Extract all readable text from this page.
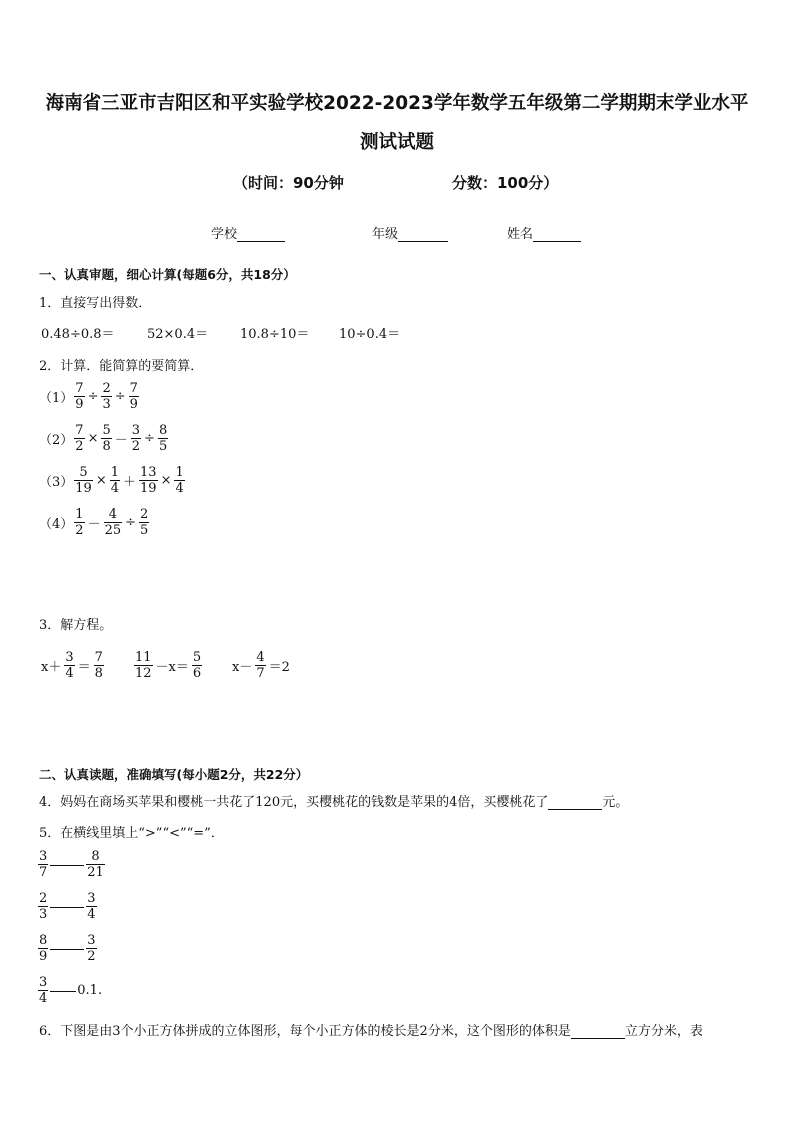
海南省三亚市吉阳区和平实验学校2022-2023学年数学五年级第二学期期末学业水平
测试试题
（时间：90分钟	分数：100分）
学校	年级	姓名
一、认真审题，细心计算(每题6分，共18分）
1．直接写出得数．
0.48÷0.8＝ 52×0.4＝ 10.8÷10＝ 10÷0.4＝
2．计算．能简算的要简算．
$(1) \frac{7}{9} \div \frac{2}{3} \div \frac{7}{9}$
$(2) \frac{7}{2} \times \frac{5}{8} - \frac{3}{2} \div \frac{8}{5}$
$(3) \frac{5}{19} \times \frac{1}{4} + \frac{13}{19} \times \frac{1}{4}$
$(4) \frac{1}{2} - \frac{4}{25} \div \frac{2}{5}$
3．解方程。
$x+ \frac{3}{4} = \frac{7}{8} \frac{11}{12} -x= \frac{5}{6} x- \frac{4}{7} =2$
二、认真读题，准确填写(每小题2分，共22分）
4．妈妈在商场买苹果和樱桃一共花了120元，买樱桃花的钱数是苹果的4倍，买樱桃花了	元。
5．在横线里填上“>”“<”“=”．
$\frac{3}{7}$	$\frac{8}{21}$
$\frac{2}{3}$	$\frac{3}{4}$
$\frac{8}{9}$	$\frac{3}{2}$
$\frac{3}{4} 0.1$.
6．下图是由3个小正方体拼成的立体图形，每个小正方体的棱长是2分米，这个图形的体积是	立方分米，表
